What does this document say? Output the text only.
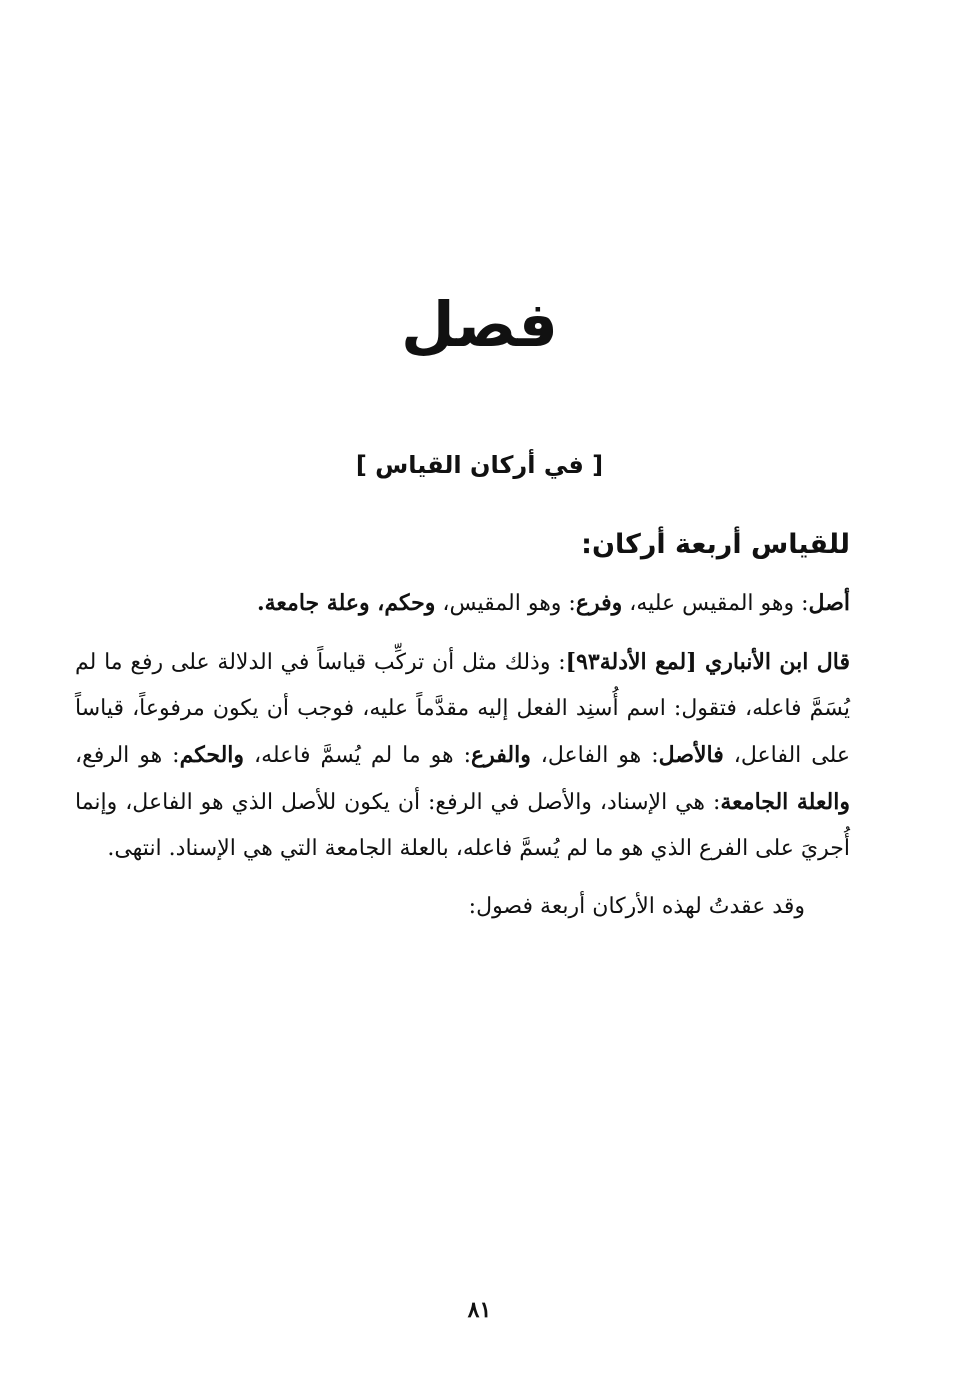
فصل
[ في أركان القياس ]

للقياس أربعة أركان:

أصل: وهو المقيس عليه، وفرع: وهو المقيس، وحكم، وعلة جامعة.

قال ابن الأنباري [لمع الأدلة٩٣]: وذلك مثل أن تركِّب قياساً في الدلالة على رفع ما لم يُسَمَّ فاعله، فتقول: اسم أُسنِد الفعل إليه مقدَّماً عليه، فوجب أن يكون مرفوعاً، قياساً على الفاعل، فالأصل: هو الفاعل، والفرع: هو ما لم يُسمَّ فاعله، والحكم: هو الرفع، والعلة الجامعة: هي الإسناد، والأصل في الرفع: أن يكون للأصل الذي هو الفاعل، وإنما أُجريَ على الفرع الذي هو ما لم يُسمَّ فاعله، بالعلة الجامعة التي هي الإسناد. انتهى.

وقد عقدتُ لهذه الأركان أربعة فصول:

٨١
